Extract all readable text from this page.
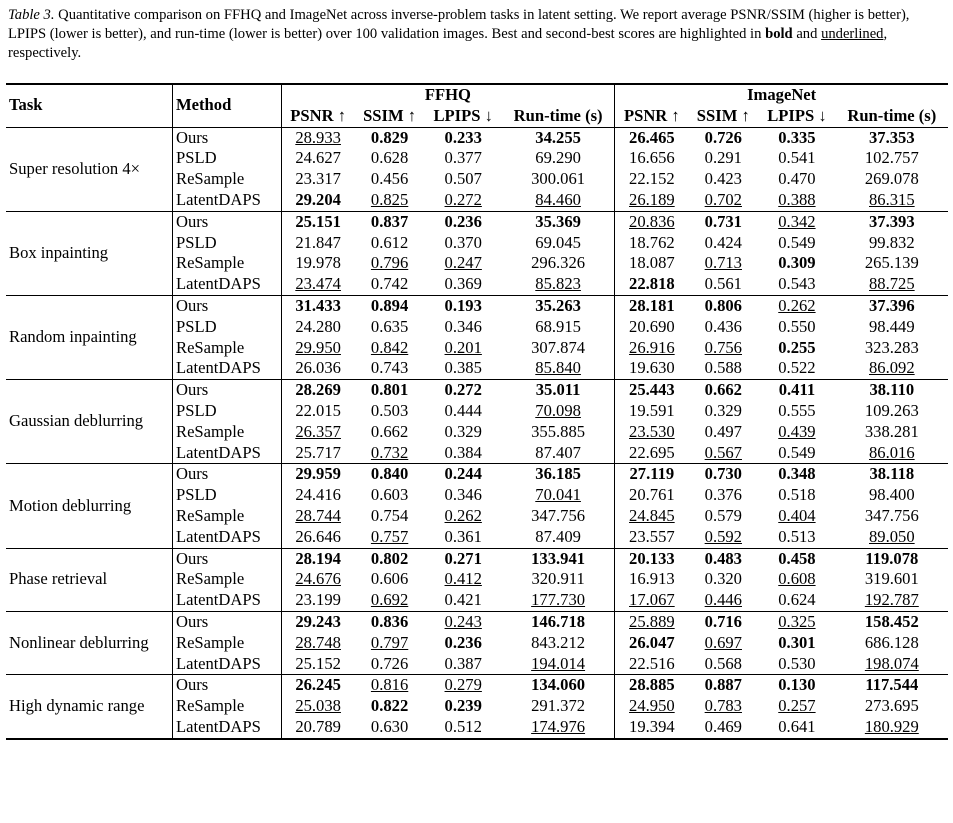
Table 3. Quantitative comparison on FFHQ and ImageNet across inverse-problem tasks in latent setting. We report average PSNR/SSIM (higher is better), LPIPS (lower is better), and run-time (lower is better) over 100 validation images. Best and second-best scores are highlighted in bold and underlined, respectively.
Task	Method	FFHQ				ImageNet			
		PSNR ↑	SSIM ↑	LPIPS ↓	Run-time (s)	PSNR ↑	SSIM ↑	LPIPS ↓	Run-time (s)
Super resolution 4×	Ours	28.933	0.829	0.233	34.255	26.465	0.726	0.335	37.353
	PSLD	24.627	0.628	0.377	69.290	16.656	0.291	0.541	102.757
	ReSample	23.317	0.456	0.507	300.061	22.152	0.423	0.470	269.078
	LatentDAPS	29.204	0.825	0.272	84.460	26.189	0.702	0.388	86.315
Box inpainting	Ours	25.151	0.837	0.236	35.369	20.836	0.731	0.342	37.393
	PSLD	21.847	0.612	0.370	69.045	18.762	0.424	0.549	99.832
	ReSample	19.978	0.796	0.247	296.326	18.087	0.713	0.309	265.139
	LatentDAPS	23.474	0.742	0.369	85.823	22.818	0.561	0.543	88.725
Random inpainting	Ours	31.433	0.894	0.193	35.263	28.181	0.806	0.262	37.396
	PSLD	24.280	0.635	0.346	68.915	20.690	0.436	0.550	98.449
	ReSample	29.950	0.842	0.201	307.874	26.916	0.756	0.255	323.283
	LatentDAPS	26.036	0.743	0.385	85.840	19.630	0.588	0.522	86.092
Gaussian deblurring	Ours	28.269	0.801	0.272	35.011	25.443	0.662	0.411	38.110
	PSLD	22.015	0.503	0.444	70.098	19.591	0.329	0.555	109.263
	ReSample	26.357	0.662	0.329	355.885	23.530	0.497	0.439	338.281
	LatentDAPS	25.717	0.732	0.384	87.407	22.695	0.567	0.549	86.016
Motion deblurring	Ours	29.959	0.840	0.244	36.185	27.119	0.730	0.348	38.118
	PSLD	24.416	0.603	0.346	70.041	20.761	0.376	0.518	98.400
	ReSample	28.744	0.754	0.262	347.756	24.845	0.579	0.404	347.756
	LatentDAPS	26.646	0.757	0.361	87.409	23.557	0.592	0.513	89.050
Phase retrieval	Ours	28.194	0.802	0.271	133.941	20.133	0.483	0.458	119.078
	ReSample	24.676	0.606	0.412	320.911	16.913	0.320	0.608	319.601
	LatentDAPS	23.199	0.692	0.421	177.730	17.067	0.446	0.624	192.787
Nonlinear deblurring	Ours	29.243	0.836	0.243	146.718	25.889	0.716	0.325	158.452
	ReSample	28.748	0.797	0.236	843.212	26.047	0.697	0.301	686.128
	LatentDAPS	25.152	0.726	0.387	194.014	22.516	0.568	0.530	198.074
High dynamic range	Ours	26.245	0.816	0.279	134.060	28.885	0.887	0.130	117.544
	ReSample	25.038	0.822	0.239	291.372	24.950	0.783	0.257	273.695
	LatentDAPS	20.789	0.630	0.512	174.976	19.394	0.469	0.641	180.929
